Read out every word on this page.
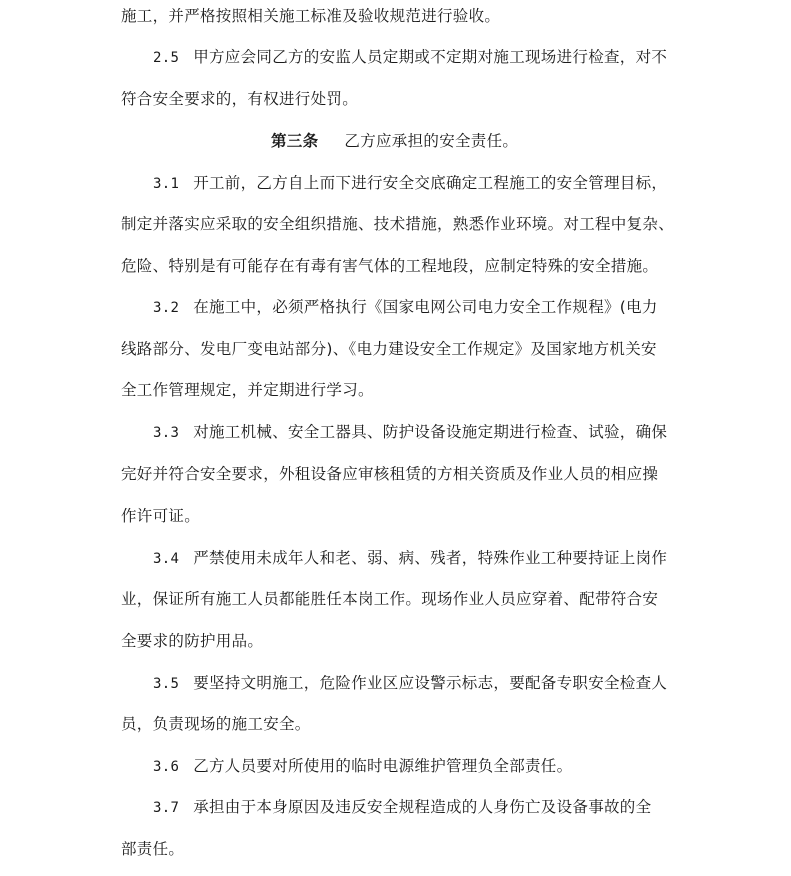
施工，并严格按照相关施工标准及验收规范进行验收。
2.5 甲方应会同乙方的安监人员定期或不定期对施工现场进行检查，对不
符合安全要求的，有权进行处罚。
第三条 乙方应承担的安全责任。
3.1 开工前，乙方自上而下进行安全交底确定工程施工的安全管理目标，
制定并落实应采取的安全组织措施、技术措施，熟悉作业环境。对工程中复杂、
危险、特别是有可能存在有毒有害气体的工程地段，应制定特殊的安全措施。
3.2 在施工中，必须严格执行《国家电网公司电力安全工作规程》(电力
线路部分、发电厂变电站部分)、《电力建设安全工作规定》及国家地方机关安
全工作管理规定，并定期进行学习。
3.3 对施工机械、安全工器具、防护设备设施定期进行检查、试验，确保
完好并符合安全要求，外租设备应审核租赁的方相关资质及作业人员的相应操
作许可证。
3.4 严禁使用未成年人和老、弱、病、残者，特殊作业工种要持证上岗作
业，保证所有施工人员都能胜任本岗工作。现场作业人员应穿着、配带符合安
全要求的防护用品。
3.5 要坚持文明施工，危险作业区应设警示标志，要配备专职安全检查人
员，负责现场的施工安全。
3.6 乙方人员要对所使用的临时电源维护管理负全部责任。
3.7 承担由于本身原因及违反安全规程造成的人身伤亡及设备事故的全
部责任。
